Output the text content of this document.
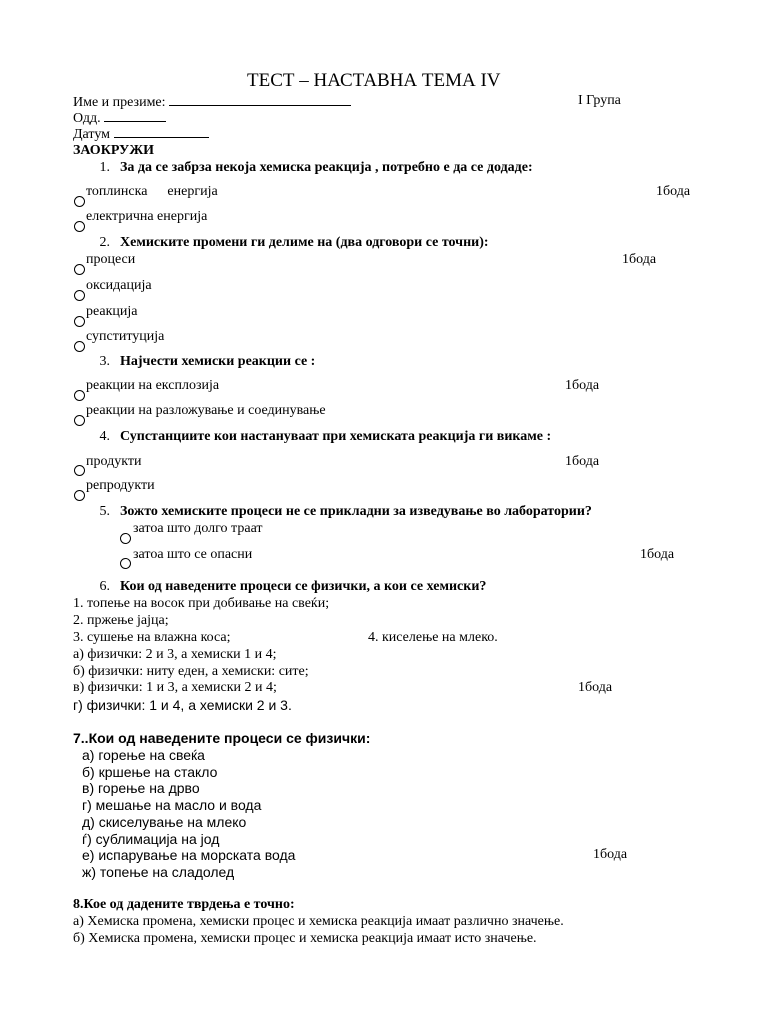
ТЕСТ – НАСТАВНА ТЕМА IV
Име и презиме:	I Група
Одд.
Датум
ЗАОКРУЖИ
1. За да се забрза некоја хемиска реакција , потребно е да се додаде:
топлинска енергија	1бода
електрична енергија
2. Хемиските промени ги делиме на (два одговори се точни):
процеси	1бода
оксидација
реакција
супституција
3. Најчести хемиски реакции се :
реакции на експлозија	1бода
реакции на разложување и соединување
4. Супстанциите кои настануваат при хемиската реакција ги викаме :
продукти	1бода
репродукти
5. Зожто хемиските процеси не се прикладни за изведување во лаборатории?
затоа што долго траат
затоа што се опасни	1бода
6. Кои од наведените процеси се физички, а кои се хемиски?
1. топење на восок при добивање на свеќи;
2. пржење јајца;
3. сушење на влажна коса;	4. киселење на млеко.
а) физички: 2 и 3, а хемиски 1 и 4;
б) физички: ниту еден, а хемиски: сите;
в) физички: 1 и 3, а хемиски 2 и 4;	1бода
г) физички: 1 и 4, а хемиски 2 и 3.
7..Кои од наведените процеси се физички:
а) горење на свеќа
б) кршење на стакло
в) горење на дрво
г) мешање на масло и вода
д) скиселување на млеко
ѓ) сублимација на јод
е) испарување на морската вода	1бода
ж) топење на сладолед
8.Кое од дадените тврдења е точно:
а) Хемиска промена, хемиски процес и хемиска реакција имаат различно значење.
б) Хемиска промена, хемиски процес и хемиска реакција имаат исто значење.
